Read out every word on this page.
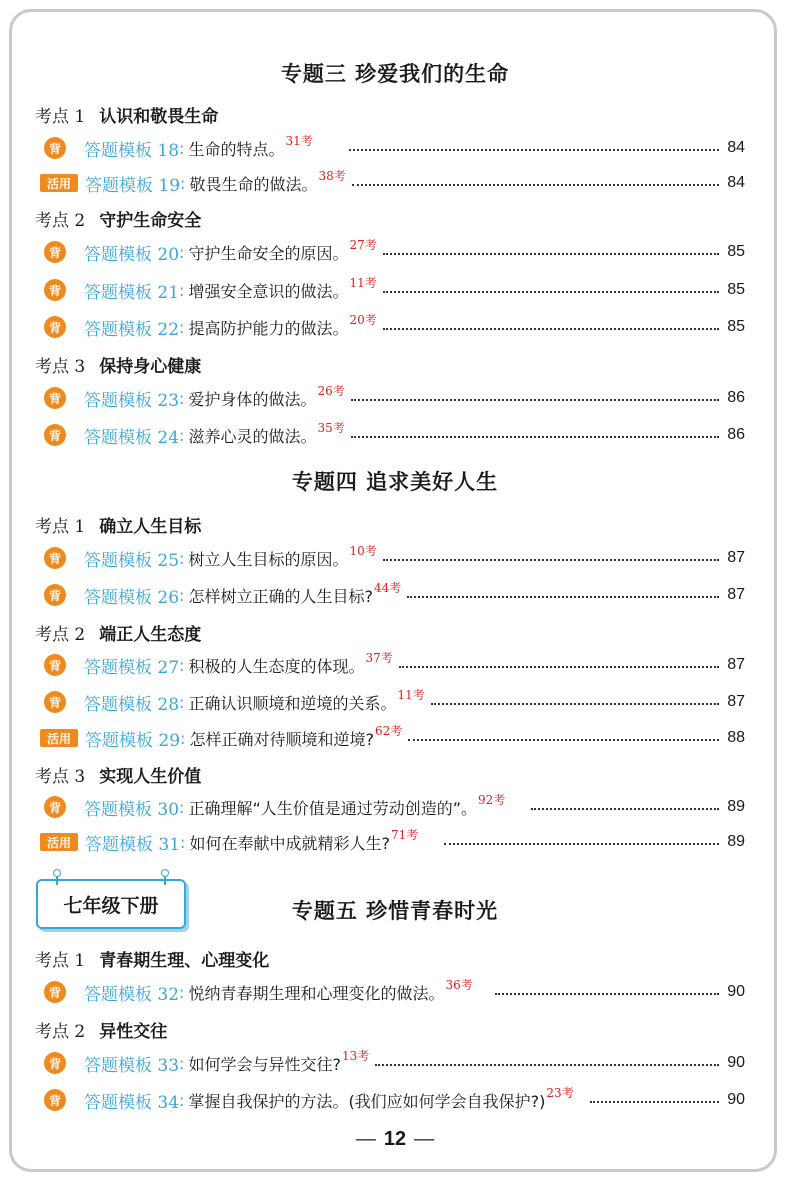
专题三 珍爱我们的生命
考点 1 认识和敬畏生命
背 答题模板 18 : 生命的特点。 31考	84
活用 答题模板 19 : 敬畏生命的做法。 38考	84
考点 2 守护生命安全
背 答题模板 20 : 守护生命安全的原因。 27考	85
背 答题模板 21 : 增强安全意识的做法。 11考	85
背 答题模板 22 : 提高防护能力的做法。 20考	85
考点 3 保持身心健康
背 答题模板 23 : 爱护身体的做法。 26考	86
背 答题模板 24 : 滋养心灵的做法。 35考	86
专题四 追求美好人生
考点 1 确立人生目标
背 答题模板 25 : 树立人生目标的原因。 10考	87
背 答题模板 26 : 怎样树立正确的人生目标? 44考	87
考点 2 端正人生态度
背 答题模板 27 : 积极的人生态度的体现。 37考	87
背 答题模板 28 : 正确认识顺境和逆境的关系。 11考	87
活用 答题模板 29 : 怎样正确对待顺境和逆境? 62考	88
考点 3 实现人生价值
背 答题模板 30 : 正确理解“人生价值是通过劳动创造的”。 92考	89
活用 答题模板 31 : 如何在奉献中成就精彩人生? 71考	89
七年级下册	专题五 珍惜青春时光
考点 1 青春期生理、心理变化
背 答题模板 32 : 悦纳青春期生理和心理变化的做法。 36考	90
考点 2 异性交往
背 答题模板 33 : 如何学会与异性交往? 13考	90
背 答题模板 34 : 掌握自我保护的方法。(我们应如何学会自我保护?) 23考	90
— 12 —
